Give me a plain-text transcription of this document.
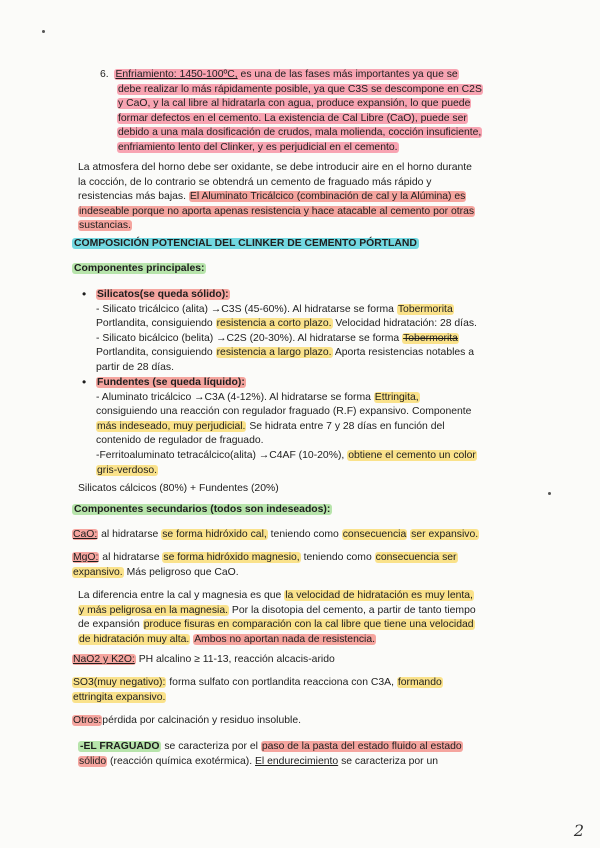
6. Enfriamiento: 1450-100ºC, es una de las fases más importantes ya que se
debe realizar lo más rápidamente posible, ya que C3S se descompone en C2S
y CaO, y la cal libre al hidratarla con agua, produce expansión, lo que puede
formar defectos en el cemento. La existencia de Cal Libre (CaO), puede ser
debido a una mala dosificación de crudos, mala molienda, cocción insuficiente,
enfriamiento lento del Clinker, y es perjudicial en el cemento.
La atmosfera del horno debe ser oxidante, se debe introducir aire en el horno durante
la cocción, de lo contrario se obtendrá un cemento de fraguado más rápido y
resistencias más bajas. El Aluminato Tricálcico (combinación de cal y la Alúmina) es
indeseable porque no aporta apenas resistencia y hace atacable al cemento por otras
sustancias.
COMPOSICIÓN POTENCIAL DEL CLINKER DE CEMENTO PÓRTLAND
Componentes principales:
• Silicatos(se queda sólido):
- Silicato tricálcico (alita) →C3S (45-60%). Al hidratarse se forma Tobermorita
Portlandita, consiguiendo resistencia a corto plazo. Velocidad hidratación: 28 días.
- Silicato bicálcico (belita) →C2S (20-30%). Al hidratarse se forma Tobermorita
Portlandita, consiguiendo resistencia a largo plazo. Aporta resistencias notables a
partir de 28 días.
• Fundentes (se queda líquido):
- Aluminato tricálcico →C3A (4-12%). Al hidratarse se forma Ettringita,
consiguiendo una reacción con regulador fraguado (R.F) expansivo. Componente
más indeseado, muy perjudicial. Se hidrata entre 7 y 28 días en función del
contenido de regulador de fraguado.
-Ferritoaluminato tetracálcico(alita) →C4AF (10-20%), obtiene el cemento un color
gris-verdoso.
Silicatos cálcicos (80%) + Fundentes (20%)
Componentes secundarios (todos son indeseados):
CaO: al hidratarse se forma hidróxido cal, teniendo como consecuencia ser expansivo.
MgO: al hidratarse se forma hidróxido magnesio, teniendo como consecuencia ser
expansivo. Más peligroso que CaO.
La diferencia entre la cal y magnesia es que la velocidad de hidratación es muy lenta,
y más peligrosa en la magnesia. Por la disotopia del cemento, a partir de tanto tiempo
de expansión produce fisuras en comparación con la cal libre que tiene una velocidad
de hidratación muy alta. Ambos no aportan nada de resistencia.
NaO2 y K2O: PH alcalino ≥ 11-13, reacción alcacis-arido
SO3(muy negativo): forma sulfato con portlandita reacciona con C3A, formando
ettringita expansivo.
Otros:pérdida por calcinación y residuo insoluble.
-EL FRAGUADO se caracteriza por el paso de la pasta del estado fluido al estado
sólido (reacción química exotérmica). El endurecimiento se caracteriza por un
2
